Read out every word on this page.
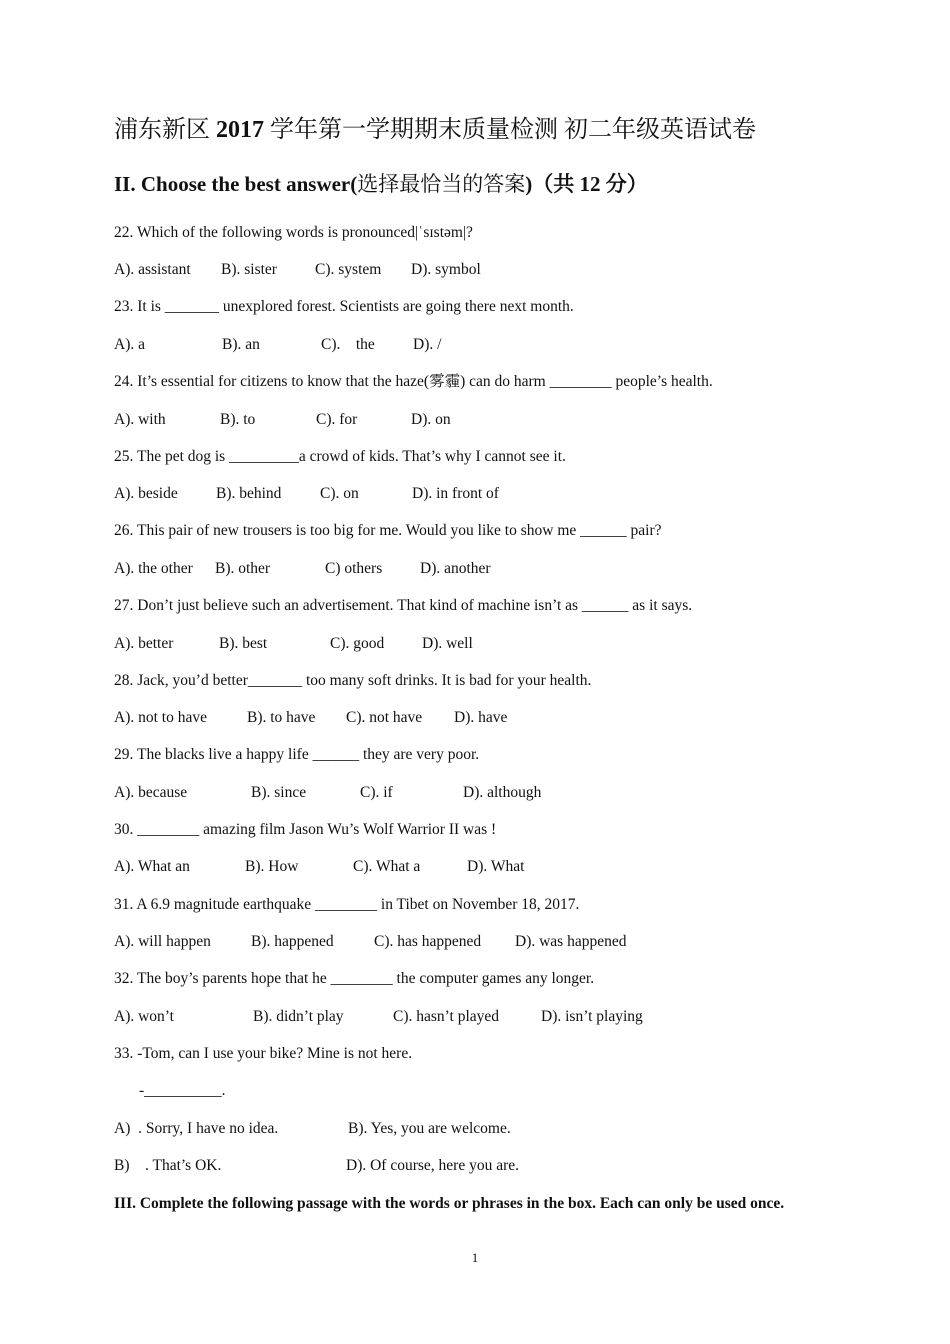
浦东新区 2017 学年第一学期期末质量检测 初二年级英语试卷
II. Choose the best answer(选择最恰当的答案)（共 12 分）
22. Which of the following words is pronounced|ˈsɪstəm|?
A). assistant B). sister C). system D). symbol
23. It is _______ unexplored forest. Scientists are going there next month.
A). a	B). an	C).    the D). /
24. It’s essential for citizens to know that the haze(雾霾) can do harm ________ people’s health.
A). with	B). to	C). for	D). on
25. The pet dog is _________a crowd of kids. That’s why I cannot see it.
A). beside B). behind C). on	D). in front of
26. This pair of new trousers is too big for me. Would you like to show me ______ pair?
A). the other B). other	C) others D). another
27. Don’t just believe such an advertisement. That kind of machine isn’t as ______ as it says.
A). better	B). best	C). good D). well
28. Jack, you’d better_______ too many soft drinks. It is bad for your health.
A). not to have	B). to have C). not have D). have
29. The blacks live a happy life ______ they are very poor.
A). because	B). since	C). if	D). although
30. ________ amazing film Jason Wu’s Wolf Warrior II was !
A). What an	B). How	C). What a	D). What
31. A 6.9 magnitude earthquake ________ in Tibet on November 18, 2017.
A). will happen	B). happened	C). has happened D). was happened
32. The boy’s parents hope that he ________ the computer games any longer.
A). won’t	B). didn’t play	C). hasn’t played	D). isn’t playing
33. -Tom, can I use your bike? Mine is not here.
-__________.
A)  . Sorry, I have no idea.	B). Yes, you are welcome.
B)    . That’s OK.	D). Of course, here you are.
III. Complete the following passage with the words or phrases in the box. Each can only be used once.
1
